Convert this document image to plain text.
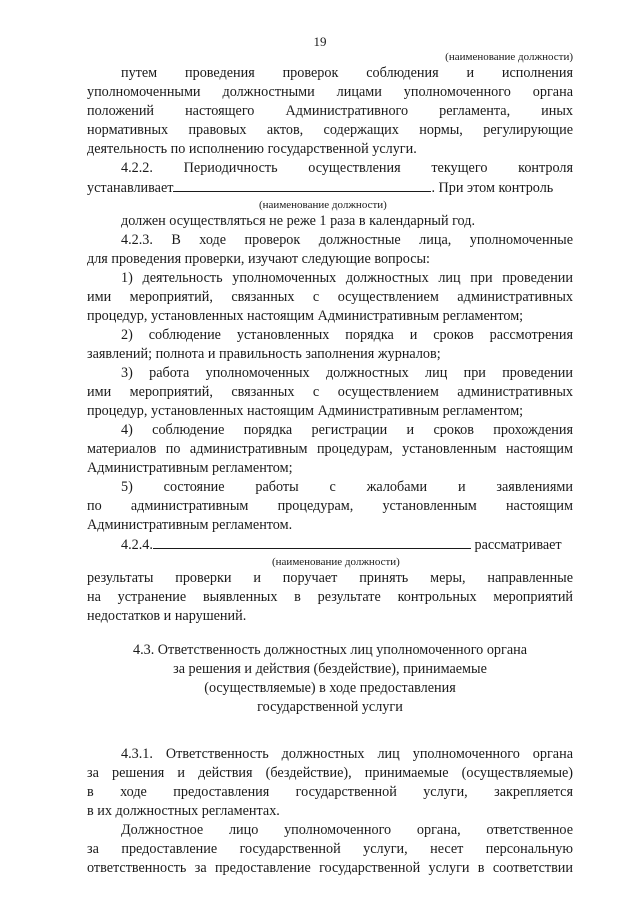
19

(наименование должности)

путем проведения проверок соблюдения и исполнения

уполномоченными должностными лицами уполномоченного органа

положений настоящего Административного регламента, иных

нормативных правовых актов, содержащих нормы, регулирующие

деятельность по исполнению государственной услуги.

4.2.2. Периодичность осуществления текущего контроля

устанавливает	. При этом контроль

(наименование должности)

должен осуществляться не реже 1 раза в календарный год.

4.2.3. В ходе проверок должностные лица, уполномоченные

для проведения проверки, изучают следующие вопросы:

1) деятельность уполномоченных должностных лиц при проведении

ими мероприятий, связанных с осуществлением административных

процедур, установленных настоящим Административным регламентом;

2) соблюдение установленных порядка и сроков рассмотрения

заявлений; полнота и правильность заполнения журналов;

3) работа уполномоченных должностных лиц при проведении

ими мероприятий, связанных с осуществлением административных

процедур, установленных настоящим Административным регламентом;

4) соблюдение порядка регистрации и сроков прохождения

материалов по административным процедурам, установленным настоящим

Административным регламентом;

5) состояние работы с жалобами и заявлениями

по административным процедурам, установленным настоящим

Административным регламентом.

4.2.4.	рассматривает

(наименование должности)

результаты проверки и поручает принять меры, направленные

на устранение выявленных в результате контрольных мероприятий

недостатков и нарушений.

4.3. Ответственность должностных лиц уполномоченного органа

за решения и действия (бездействие), принимаемые

(осуществляемые) в ходе предоставления

государственной услуги

4.3.1. Ответственность должностных лиц уполномоченного органа

за решения и действия (бездействие), принимаемые (осуществляемые)

в ходе предоставления государственной услуги, закрепляется

в их должностных регламентах.

Должностное лицо уполномоченного органа, ответственное

за предоставление государственной услуги, несет персональную

ответственность за предоставление государственной услуги в соответствии
